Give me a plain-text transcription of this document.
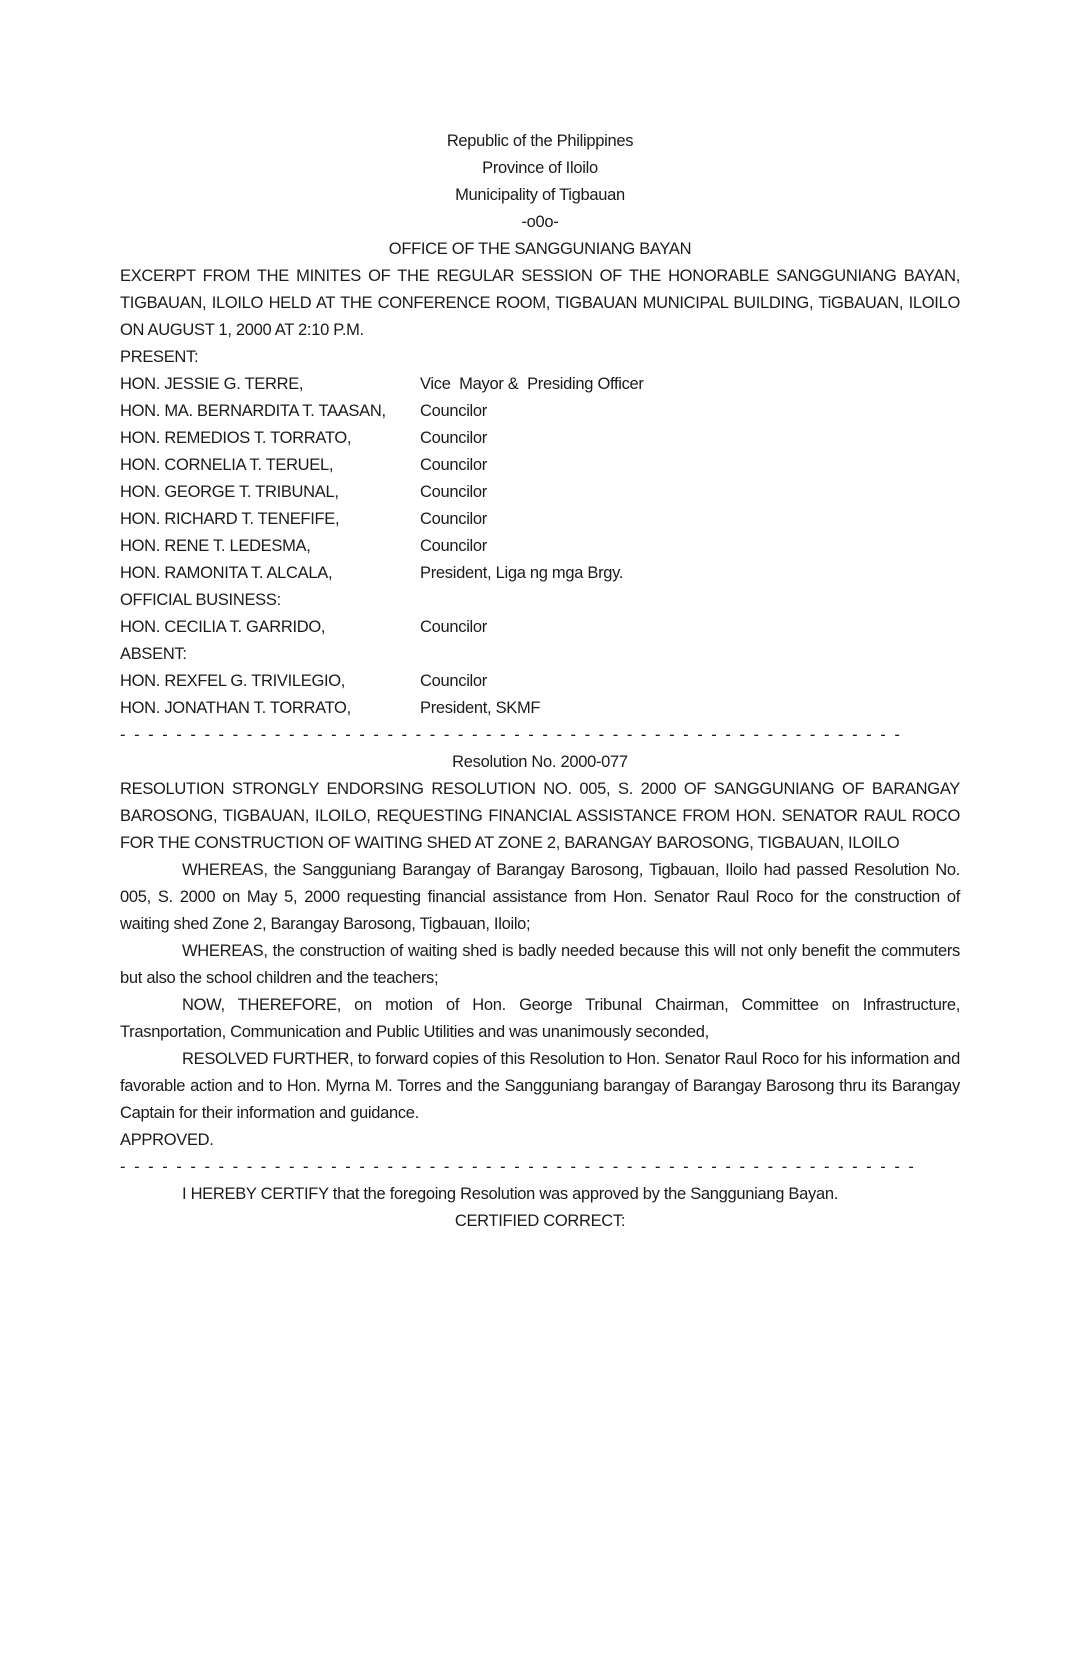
Republic of the Philippines
Province of Iloilo
Municipality of Tigbauan
-o0o-
OFFICE OF THE SANGGUNIANG BAYAN

EXCERPT FROM THE MINITES OF THE REGULAR SESSION OF THE HONORABLE SANGGUNIANG BAYAN, TIGBAUAN, ILOILO HELD AT THE CONFERENCE ROOM, TIGBAUAN MUNICIPAL BUILDING, TiGBAUAN, ILOILO ON AUGUST 1, 2000 AT 2:10 P.M.

PRESENT:
HON. JESSIE G. TERRE,	Vice  Mayor &  Presiding Officer
HON. MA. BERNARDITA T. TAASAN,	Councilor
HON. REMEDIOS T. TORRATO,	Councilor
HON. CORNELIA T. TERUEL,	Councilor
HON. GEORGE T. TRIBUNAL,	Councilor
HON. RICHARD T. TENEFIFE,	Councilor
HON. RENE T. LEDESMA,	Councilor
HON. RAMONITA T. ALCALA,	President, Liga ng mga Brgy.
OFFICIAL BUSINESS:
HON. CECILIA T. GARRIDO,	Councilor
ABSENT:
HON. REXFEL G. TRIVILEGIO,	Councilor
HON. JONATHAN T. TORRATO,	President, SKMF
- - - - - - - - - - - - - - - - - - - - - - - - - - - - - - - - - - - - - - - - - - - - - - - - - - - - - - - -
Resolution No. 2000-077

RESOLUTION STRONGLY ENDORSING RESOLUTION NO. 005, S. 2000 OF SANGGUNIANG OF BARANGAY BAROSONG, TIGBAUAN, ILOILO, REQUESTING FINANCIAL ASSISTANCE FROM HON. SENATOR RAUL ROCO FOR THE CONSTRUCTION OF WAITING SHED AT ZONE 2, BARANGAY BAROSONG, TIGBAUAN, ILOILO

WHEREAS, the Sangguniang Barangay of Barangay Barosong, Tigbauan, Iloilo had passed Resolution No. 005, S. 2000 on May 5, 2000 requesting financial assistance from Hon. Senator Raul Roco for the construction of waiting shed Zone 2, Barangay Barosong, Tigbauan, Iloilo;

WHEREAS, the construction of waiting shed is badly needed because this will not only benefit the commuters but also the school children and the teachers;

NOW, THEREFORE, on motion of Hon. George Tribunal Chairman, Committee on Infrastructure, Trasnportation, Communication and Public Utilities and was unanimously seconded,

RESOLVED FURTHER, to forward copies of this Resolution to Hon. Senator Raul Roco for his information and favorable action and to Hon. Myrna M. Torres and the Sangguniang barangay of Barangay Barosong thru its Barangay Captain for their information and guidance.

APPROVED.
- - - - - - - - - - - - - - - - - - - - - - - - - - - - - - - - - - - - - - - - - - - - - - - - - - - - - - - - -

I HEREBY CERTIFY that the foregoing Resolution was approved by the Sangguniang Bayan.

CERTIFIED CORRECT:
